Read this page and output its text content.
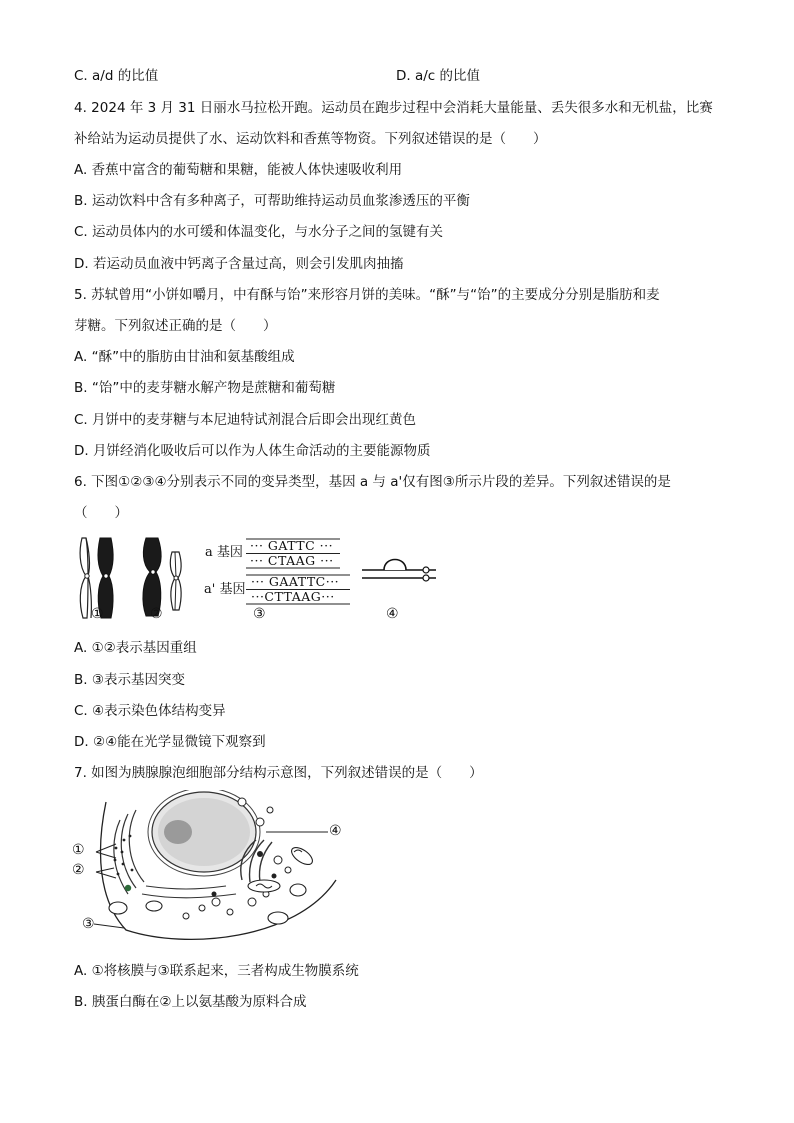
C. a/d 的比值	D. a/c 的比值
4. 2024 年 3 月 31 日丽水马拉松开跑。运动员在跑步过程中会消耗大量能量、丢失很多水和无机盐，比赛
补给站为运动员提供了水、运动饮料和香蕉等物资。下列叙述错误的是（　　）
A. 香蕉中富含的葡萄糖和果糖，能被人体快速吸收利用
B. 运动饮料中含有多种离子，可帮助维持运动员血浆渗透压的平衡
C. 运动员体内的水可缓和体温变化，与水分子之间的氢键有关
D. 若运动员血液中钙离子含量过高，则会引发肌肉抽搐
5. 苏轼曾用“小饼如嚼月，中有酥与饴”来形容月饼的美味。“酥”与“饴”的主要成分分别是脂肪和麦
芽糖。下列叙述正确的是（　　）
A. “酥”中的脂肪由甘油和氨基酸组成
B. “饴”中的麦芽糖水解产物是蔗糖和葡萄糖
C. 月饼中的麦芽糖与本尼迪特试剂混合后即会出现红黄色
D. 月饼经消化吸收后可以作为人体生命活动的主要能源物质
6. 下图①②③④分别表示不同的变异类型，基因 a 与 a'仅有图③所示片段的差异。下列叙述错误的是
（　　）
①	②
a 基因 ··· GATTC ···
··· CTAAG ···
a' 基因
··· GAATTC···
···CTTAAG···
③	④
A. ①②表示基因重组
B. ③表示基因突变
C. ④表示染色体结构变异
D. ②④能在光学显微镜下观察到
7. 如图为胰腺腺泡细胞部分结构示意图，下列叙述错误的是（　　）
①
②
③
④
A. ①将核膜与③联系起来，三者构成生物膜系统
B. 胰蛋白酶在②上以氨基酸为原料合成
